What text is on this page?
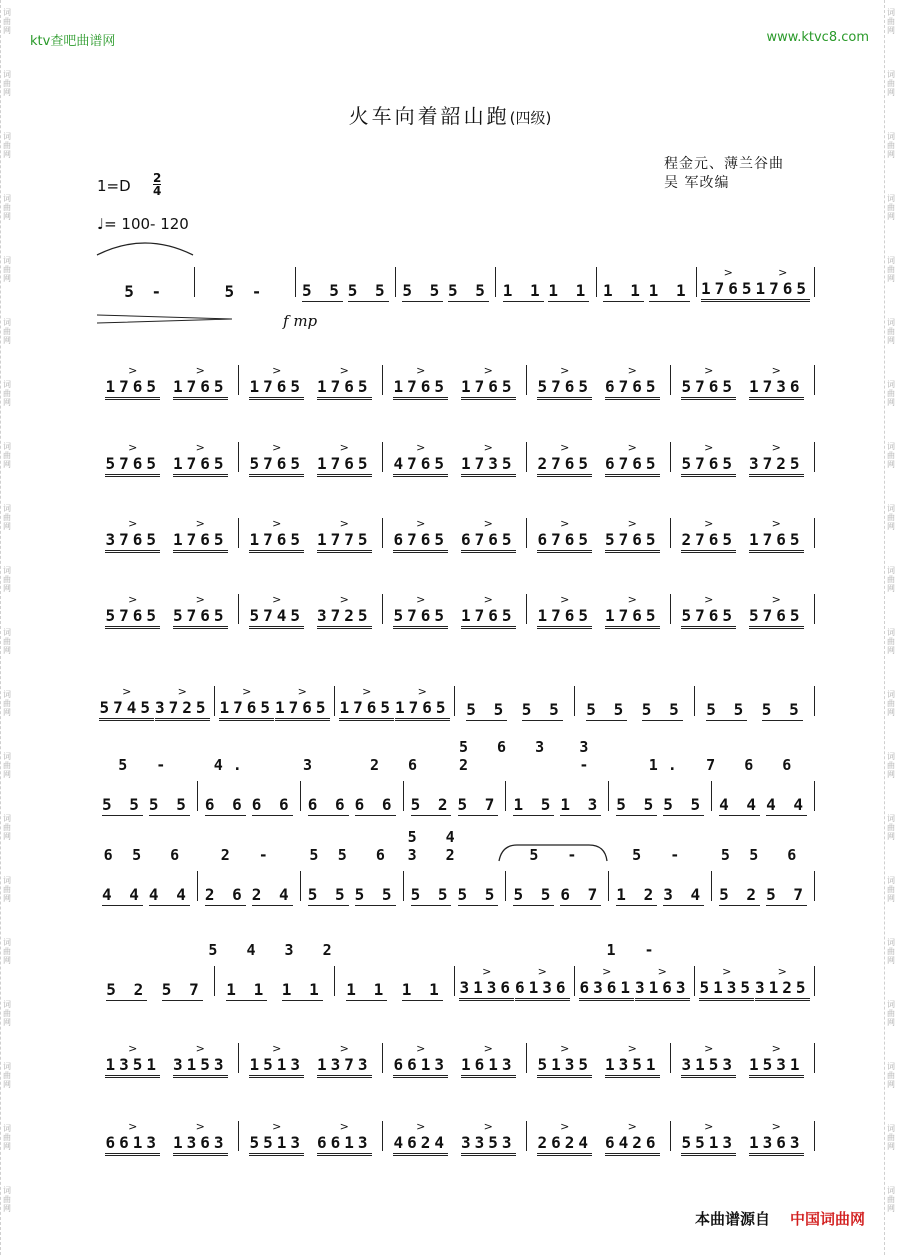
ktv查吧曲谱网	www.ktvc8.com
火车向着韶山跑(四级)
程金元、薄兰谷曲
吴 军改编
1=D 2
4
♩= 100- 120
f mp
5 -	5 - 5 5 5 5 5 5 5 5 1 1 1 1 1 1 1 1
>
1765
>
1765
>
1765
>
1765
>
1765
>
1765
>
1765
>
1765
>
5765
>
6765
>
5765
>
1736
>
5765
>
1765
>
5765
>
1765
>
4765
>
1735
>
2765
>
6765
>
5765
>
3725
>
3765
>
1765
>
1765
>
1775
>
6765
>
6765
>
6765
>
5765
>
2765
>
1765
>
5765
>
5765
>
5745
>
3725
>
5765
>
1765
>
1765
>
1765
>
5765
>
5765
>
5745
>
3725
>
1765
>
1765
>
1765
>
1765 5 5 5 5 5 5 5 5 5 5 5 5
5 5 5 5 6 6 6 6 6 6 6 6 5 2 5 7 1 5 1 3 5 5 5 5 4 4 4 4
4 4 4 4 2 6 2 4 5 5 5 5 5 5 5 5 5 5 6 7 1 2 3 4 5 2 5 7
5 2 5 7 1 1 1 1 1 1 1 1
>
3136
>
6136
>
6361
>
3163
>
5135
>
3125
>
1351
>
3153
>
1513
>
1373
>
6613
>
1613
>
5135
>
1351
>
3153
>
1531
>
6613
>
1363
>
5513
>
6613
>
4624
>
3353
>
2624
>
6426
>
5513
>
1363
5 -	4.	3	2 6
5 6 3 2
3 -	1. 7 6 6
6 5 6 2 - 5 5 6
5 4 3 2	5 -	5 - 5 5 6
5 4 3 2	1 -
本曲谱源自 中国词曲网
词
曲
网
词
曲
网
词
曲
网
词
曲
网
词
曲
网
词
曲
网
词
曲
网
词
曲
网
词
曲
网
词
曲
网
词
曲
网
词
曲
网
词
曲
网
词
曲
网
词
曲
网
词
曲
网
词
曲
网
词
曲
网
词
曲
网
词
曲
网
词
曲
网
词
曲
网
词
曲
网
词
曲
网
词
曲
网
词
曲
网
词
曲
网
词
曲
网
词
曲
网
词
曲
网
词
曲
网
词
曲
网
词
曲
网
词
曲
网
词
曲
网
词
曲
网
词
曲
网
词
曲
网
词
曲
网
词
曲
网
